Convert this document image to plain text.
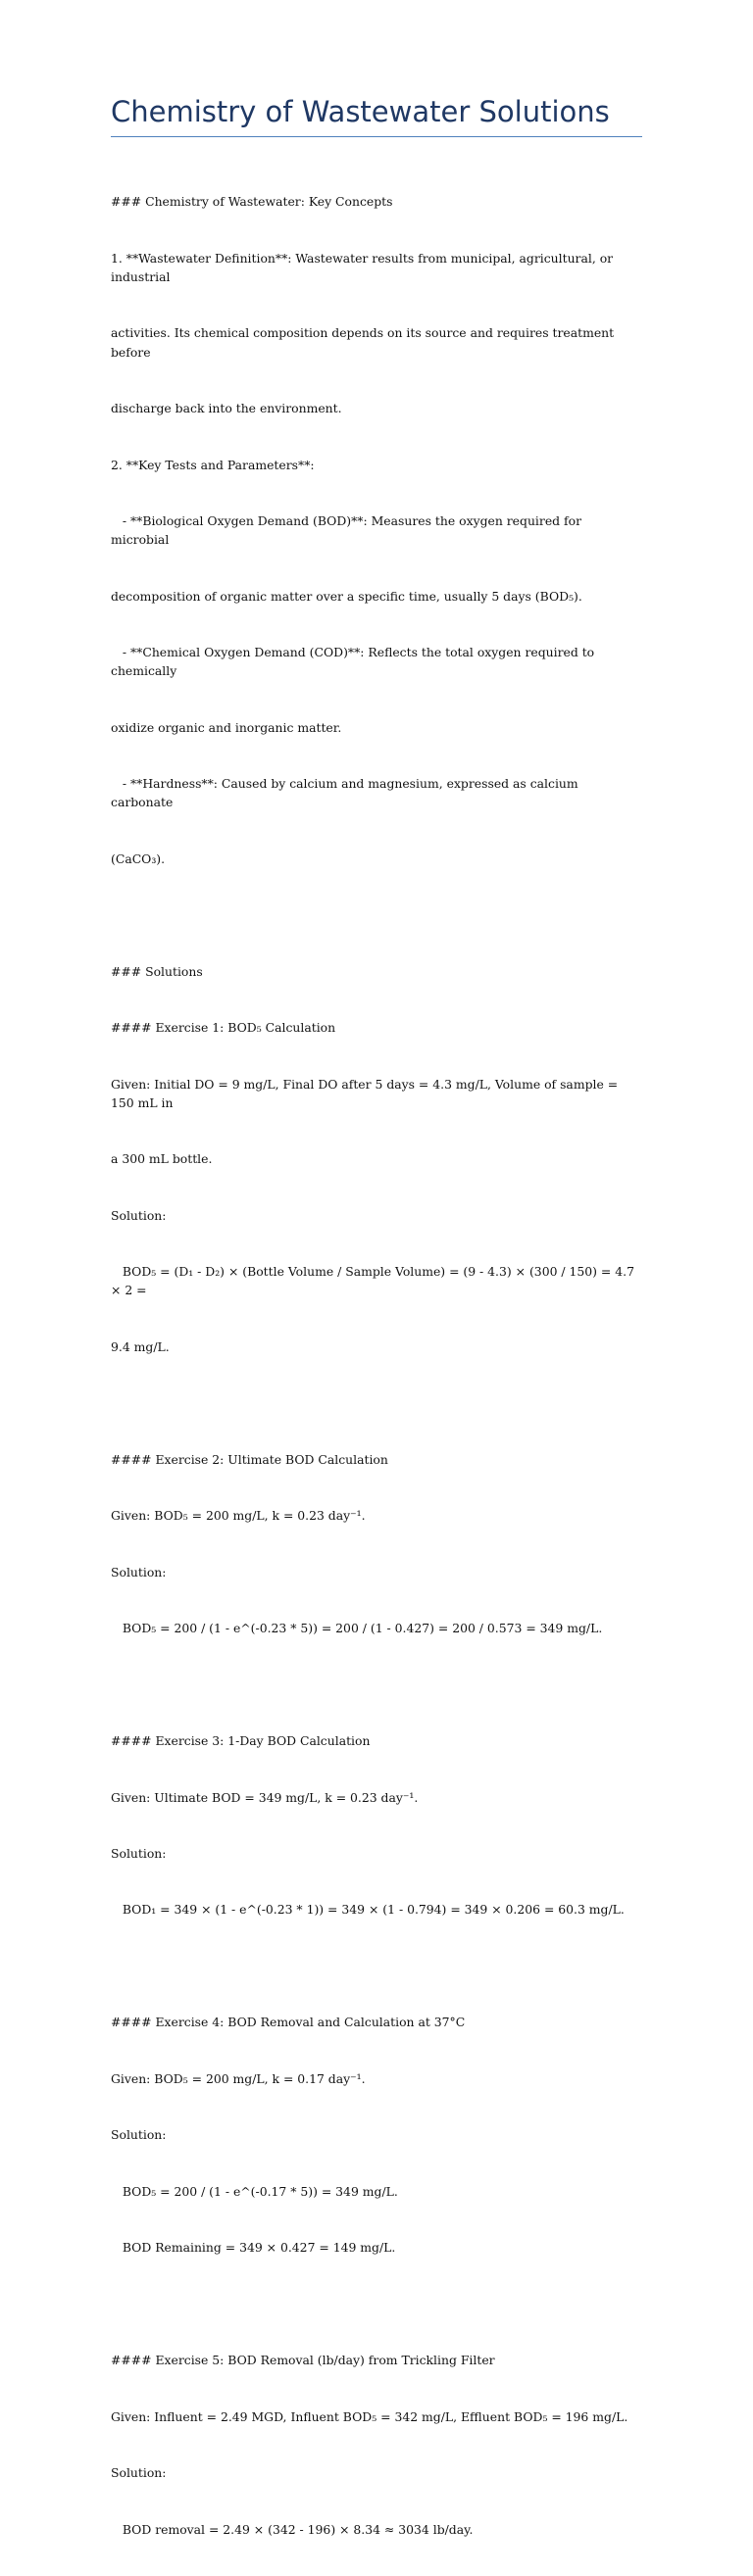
Chemistry of Wastewater Solutions

### Chemistry of Wastewater: Key Concepts

1. **Wastewater Definition**: Wastewater results from municipal, agricultural, or industrial

activities. Its chemical composition depends on its source and requires treatment before

discharge back into the environment.

2. **Key Tests and Parameters**:

- **Biological Oxygen Demand (BOD)**: Measures the oxygen required for microbial

decomposition of organic matter over a specific time, usually 5 days (BOD₅).

- **Chemical Oxygen Demand (COD)**: Reflects the total oxygen required to chemically

oxidize organic and inorganic matter.

- **Hardness**: Caused by calcium and magnesium, expressed as calcium carbonate

(CaCO₃).

### Solutions

#### Exercise 1: BOD₅ Calculation

Given: Initial DO = 9 mg/L, Final DO after 5 days = 4.3 mg/L, Volume of sample = 150 mL in

a 300 mL bottle.

Solution:

BOD₅ = (D₁ - D₂) × (Bottle Volume / Sample Volume) = (9 - 4.3) × (300 / 150) = 4.7 × 2 =

9.4 mg/L.

#### Exercise 2: Ultimate BOD Calculation

Given: BOD₅ = 200 mg/L, k = 0.23 day⁻¹.

Solution:

BOD₅ = 200 / (1 - e^(-0.23 * 5)) = 200 / (1 - 0.427) = 200 / 0.573 = 349 mg/L.

#### Exercise 3: 1-Day BOD Calculation

Given: Ultimate BOD = 349 mg/L, k = 0.23 day⁻¹.

Solution:

BOD₁ = 349 × (1 - e^(-0.23 * 1)) = 349 × (1 - 0.794) = 349 × 0.206 = 60.3 mg/L.

#### Exercise 4: BOD Removal and Calculation at 37°C

Given: BOD₅ = 200 mg/L, k = 0.17 day⁻¹.

Solution:

BOD₅ = 200 / (1 - e^(-0.17 * 5)) = 349 mg/L.

BOD Remaining = 349 × 0.427 = 149 mg/L.

#### Exercise 5: BOD Removal (lb/day) from Trickling Filter

Given: Influent = 2.49 MGD, Influent BOD₅ = 342 mg/L, Effluent BOD₅ = 196 mg/L.

Solution:

BOD removal = 2.49 × (342 - 196) × 8.34 ≈ 3034 lb/day.
